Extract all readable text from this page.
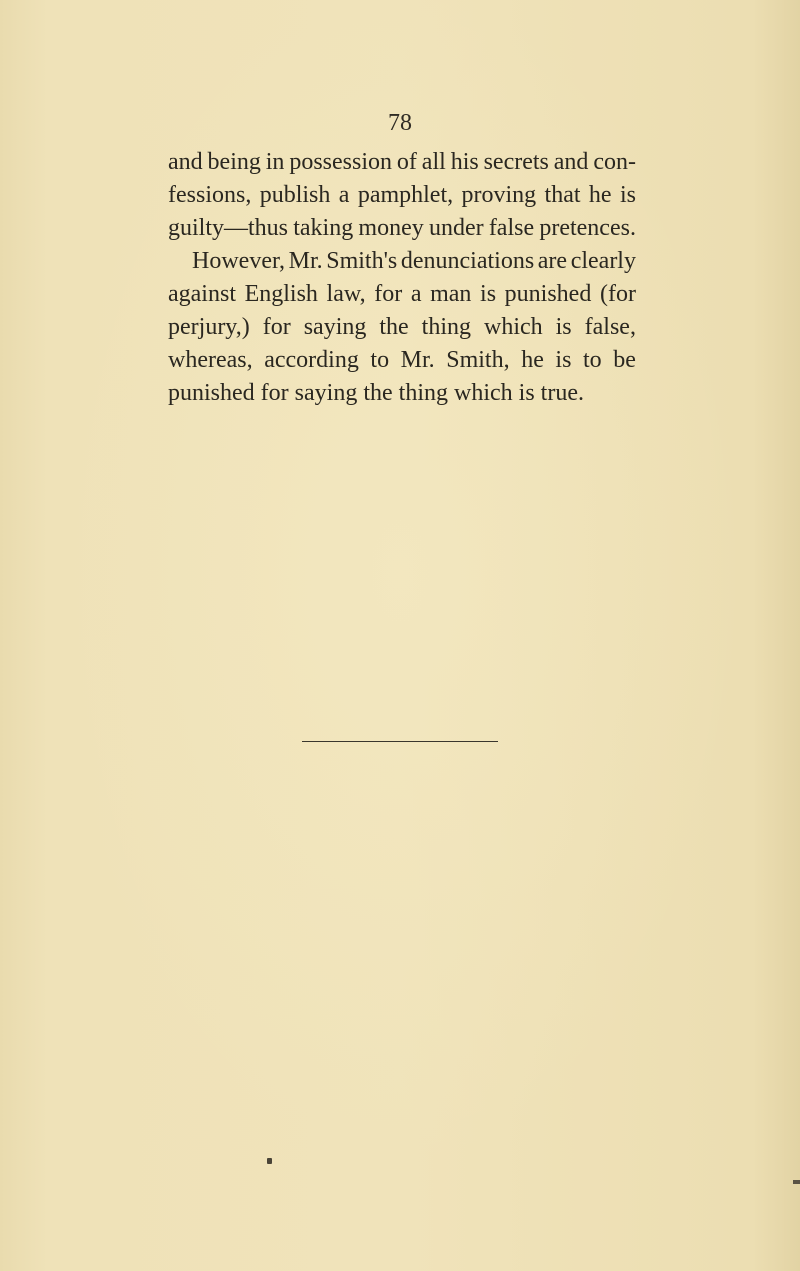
78
and being in possession of all his secrets and con-
fessions, publish a pamphlet, proving that he is
guilty—thus taking money under false pretences.
However, Mr. Smith's denunciations are clearly
against English law, for a man is punished (for
perjury,) for saying the thing which is false,
whereas, according to Mr. Smith, he is to be
punished for saying the thing which is true.
